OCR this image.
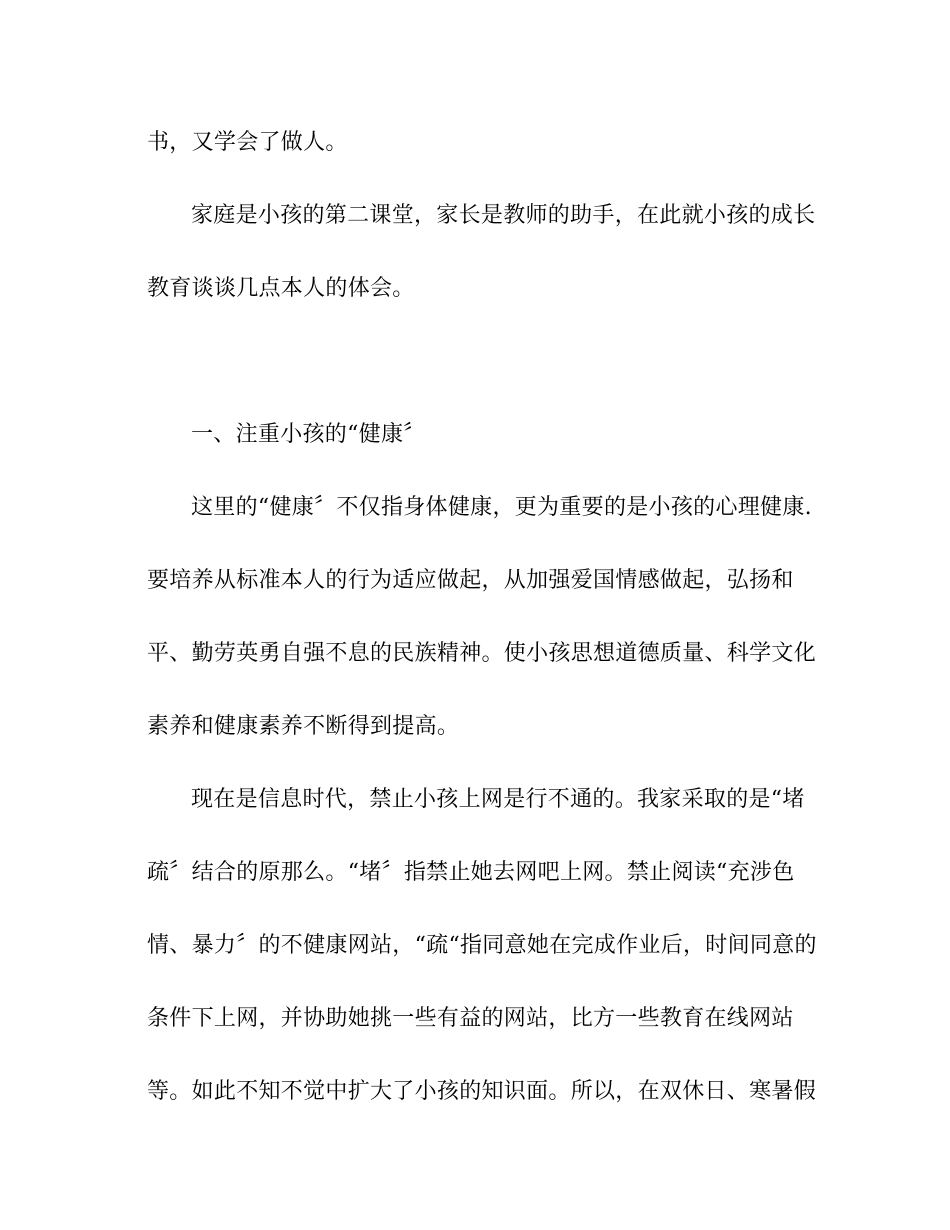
书，又学会了做人。
家庭是小孩的第二课堂，家长是教师的助手，在此就小孩的成长
教育谈谈几点本人的体会。
一、注重小孩的“健康〞
这里的“健康〞不仅指身体健康，更为重要的是小孩的心理健康.
要培养从标准本人的行为适应做起，从加强爱国情感做起，弘扬和
平、勤劳英勇自强不息的民族精神。使小孩思想道德质量、科学文化
素养和健康素养不断得到提高。
现在是信息时代，禁止小孩上网是行不通的。我家采取的是“堵
疏〞结合的原那么。“堵〞指禁止她去网吧上网。禁止阅读“充涉色
情、暴力〞的不健康网站，“疏“指同意她在完成作业后，时间同意的
条件下上网，并协助她挑一些有益的网站，比方一些教育在线网站
等。如此不知不觉中扩大了小孩的知识面。所以，在双休日、寒暑假
